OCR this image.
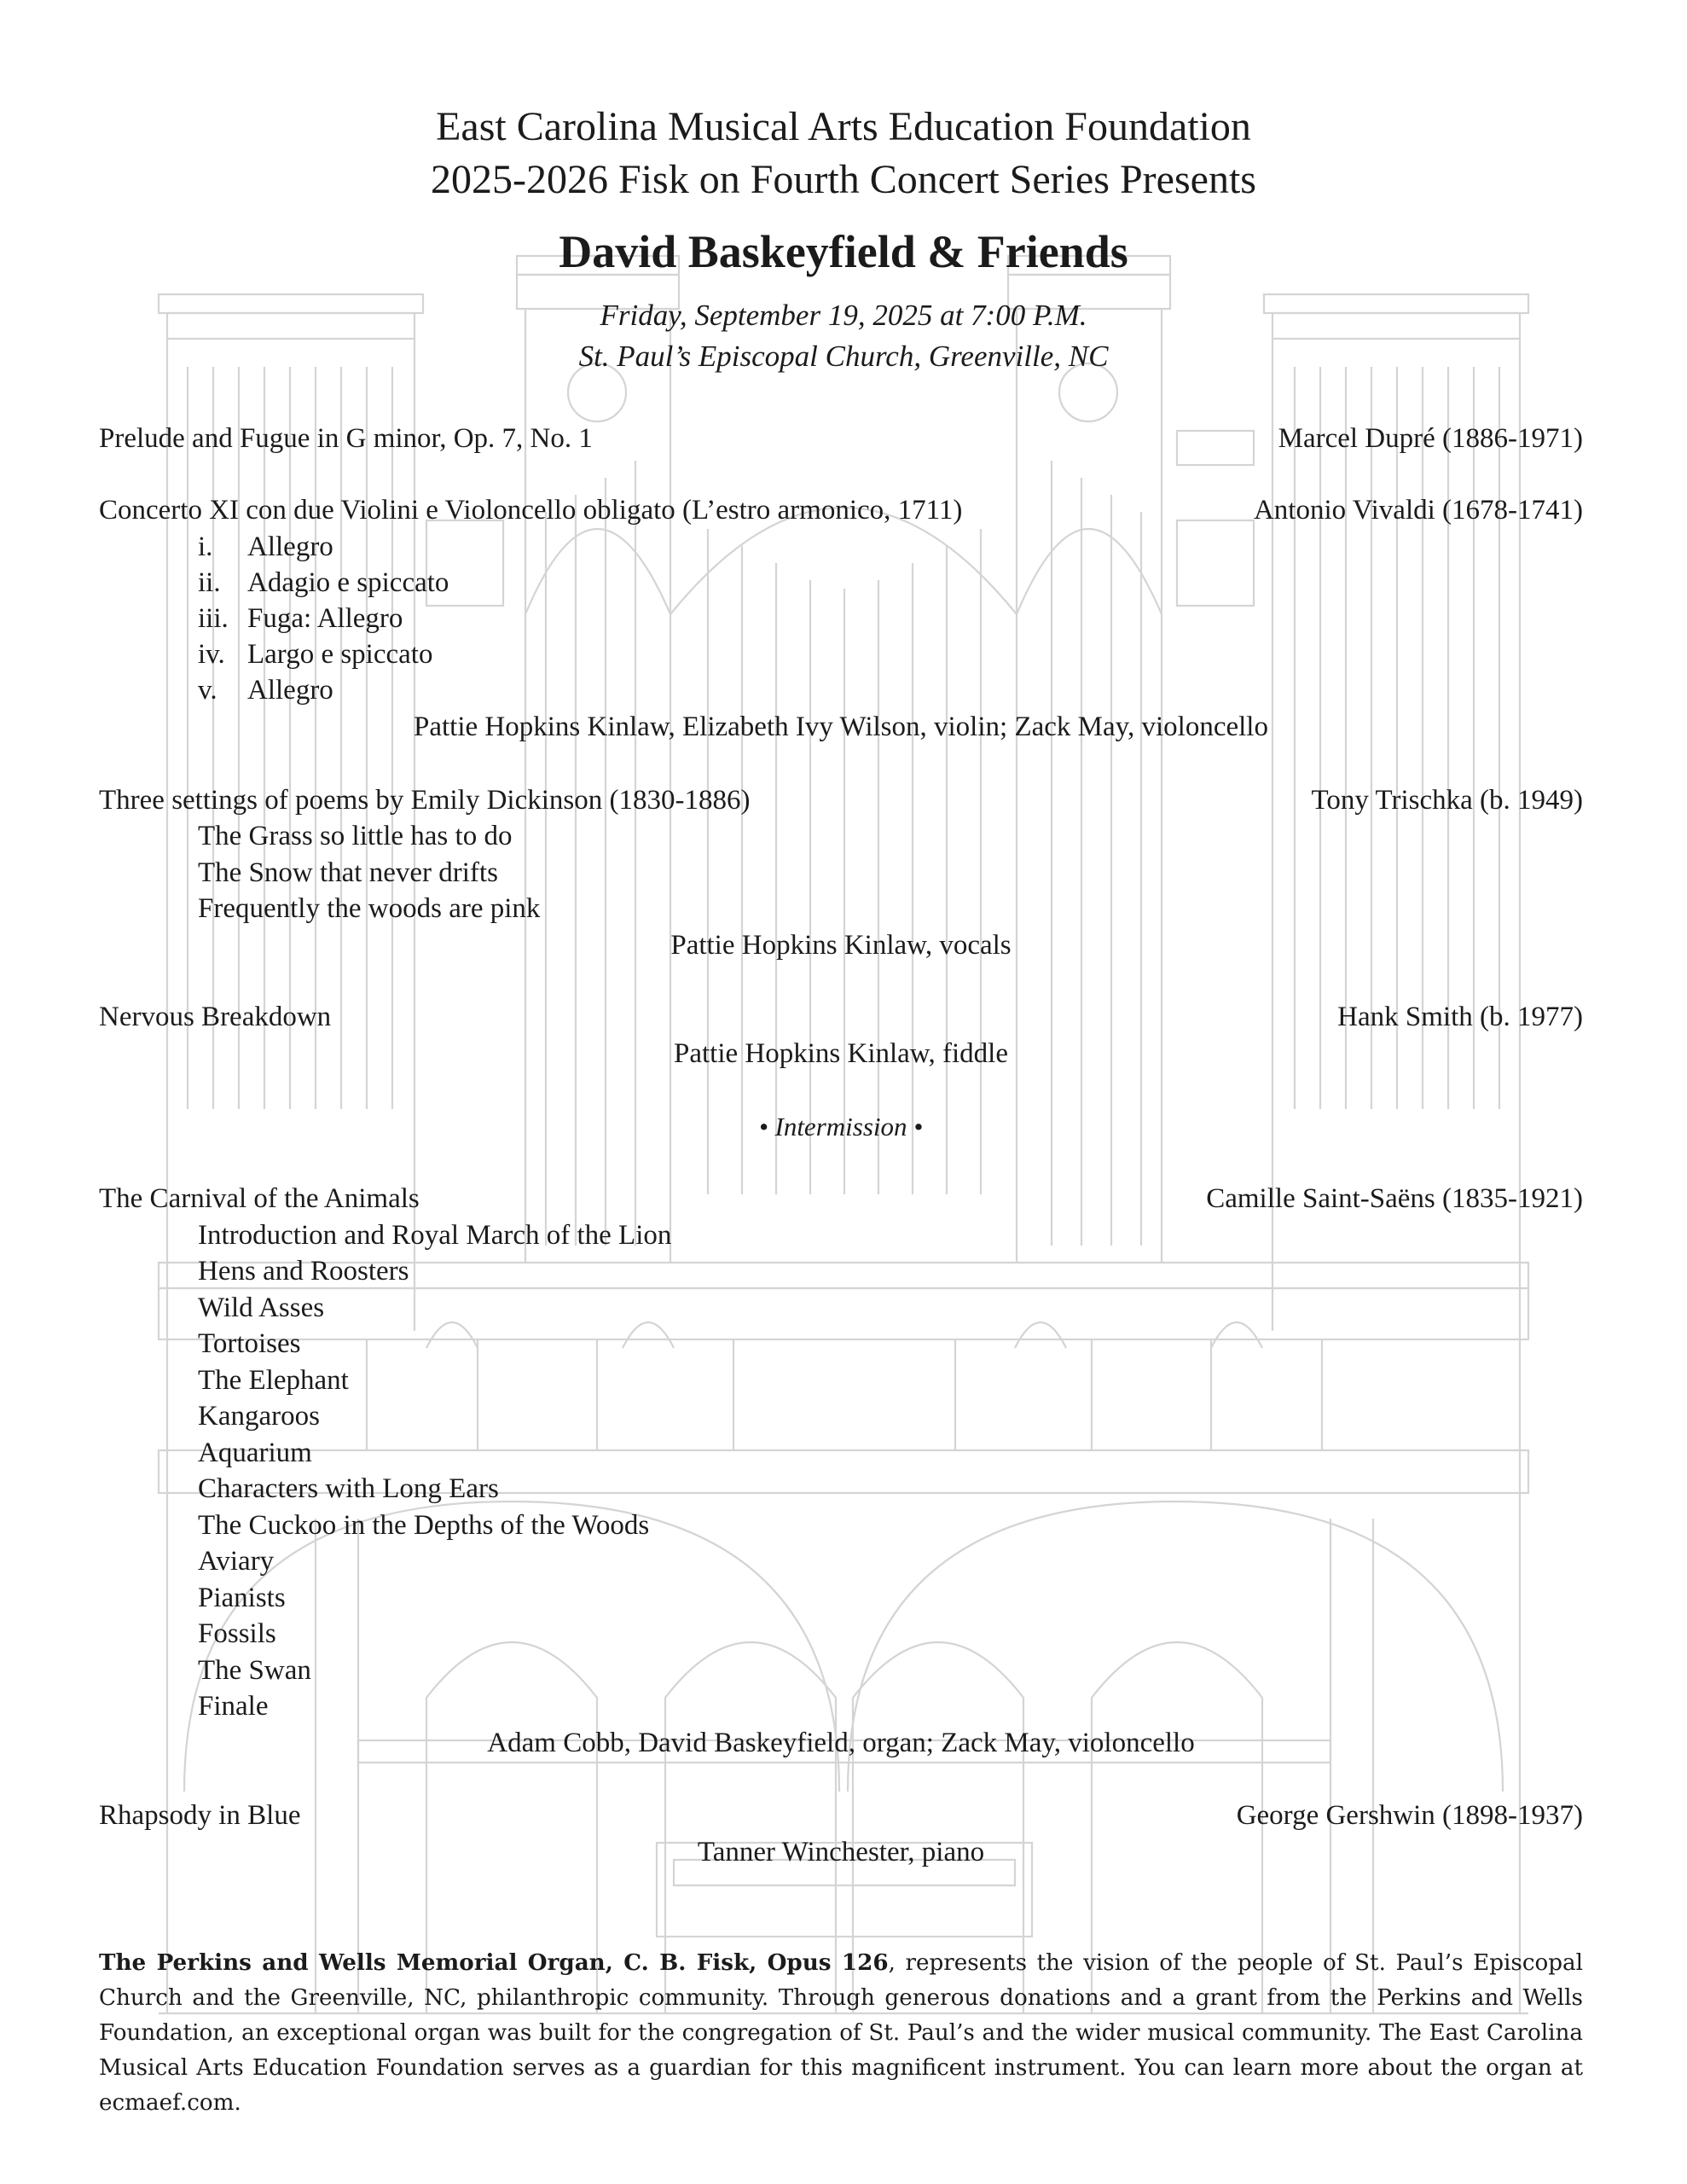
East Carolina Musical Arts Education Foundation
2025-2026 Fisk on Fourth Concert Series Presents
David Baskeyfield & Friends
Friday, September 19, 2025 at 7:00 P.M.
St. Paul’s Episcopal Church, Greenville, NC
Prelude and Fugue in G minor, Op. 7, No. 1	Marcel Dupré (1886-1971)
Concerto XI con due Violini e Violoncello obligato (L’estro armonico, 1711)	Antonio Vivaldi (1678-1741)
i. Allegro
ii. Adagio e spiccato
iii. Fuga: Allegro
iv. Largo e spiccato
v. Allegro
Pattie Hopkins Kinlaw, Elizabeth Ivy Wilson, violin; Zack May, violoncello
Three settings of poems by Emily Dickinson (1830-1886)	Tony Trischka (b. 1949)
The Grass so little has to do
The Snow that never drifts
Frequently the woods are pink
Pattie Hopkins Kinlaw, vocals
Nervous Breakdown	Hank Smith (b. 1977)
Pattie Hopkins Kinlaw, fiddle
• Intermission •
The Carnival of the Animals	Camille Saint-Saëns (1835-1921)
Introduction and Royal March of the Lion
Hens and Roosters
Wild Asses
Tortoises
The Elephant
Kangaroos
Aquarium
Characters with Long Ears
The Cuckoo in the Depths of the Woods
Aviary
Pianists
Fossils
The Swan
Finale
Adam Cobb, David Baskeyfield, organ; Zack May, violoncello
Rhapsody in Blue	George Gershwin (1898-1937)
Tanner Winchester, piano
The Perkins and Wells Memorial Organ, C. B. Fisk, Opus 126, represents the vision of the people of St. Paul’s Episcopal Church and the Greenville, NC, philanthropic community. Through generous donations and a grant from the Perkins and Wells Foundation, an exceptional organ was built for the congregation of St. Paul’s and the wider musical community. The East Carolina Musical Arts Education Foundation serves as a guardian for this magnificent instrument. You can learn more about the organ at ecmaef.com.
